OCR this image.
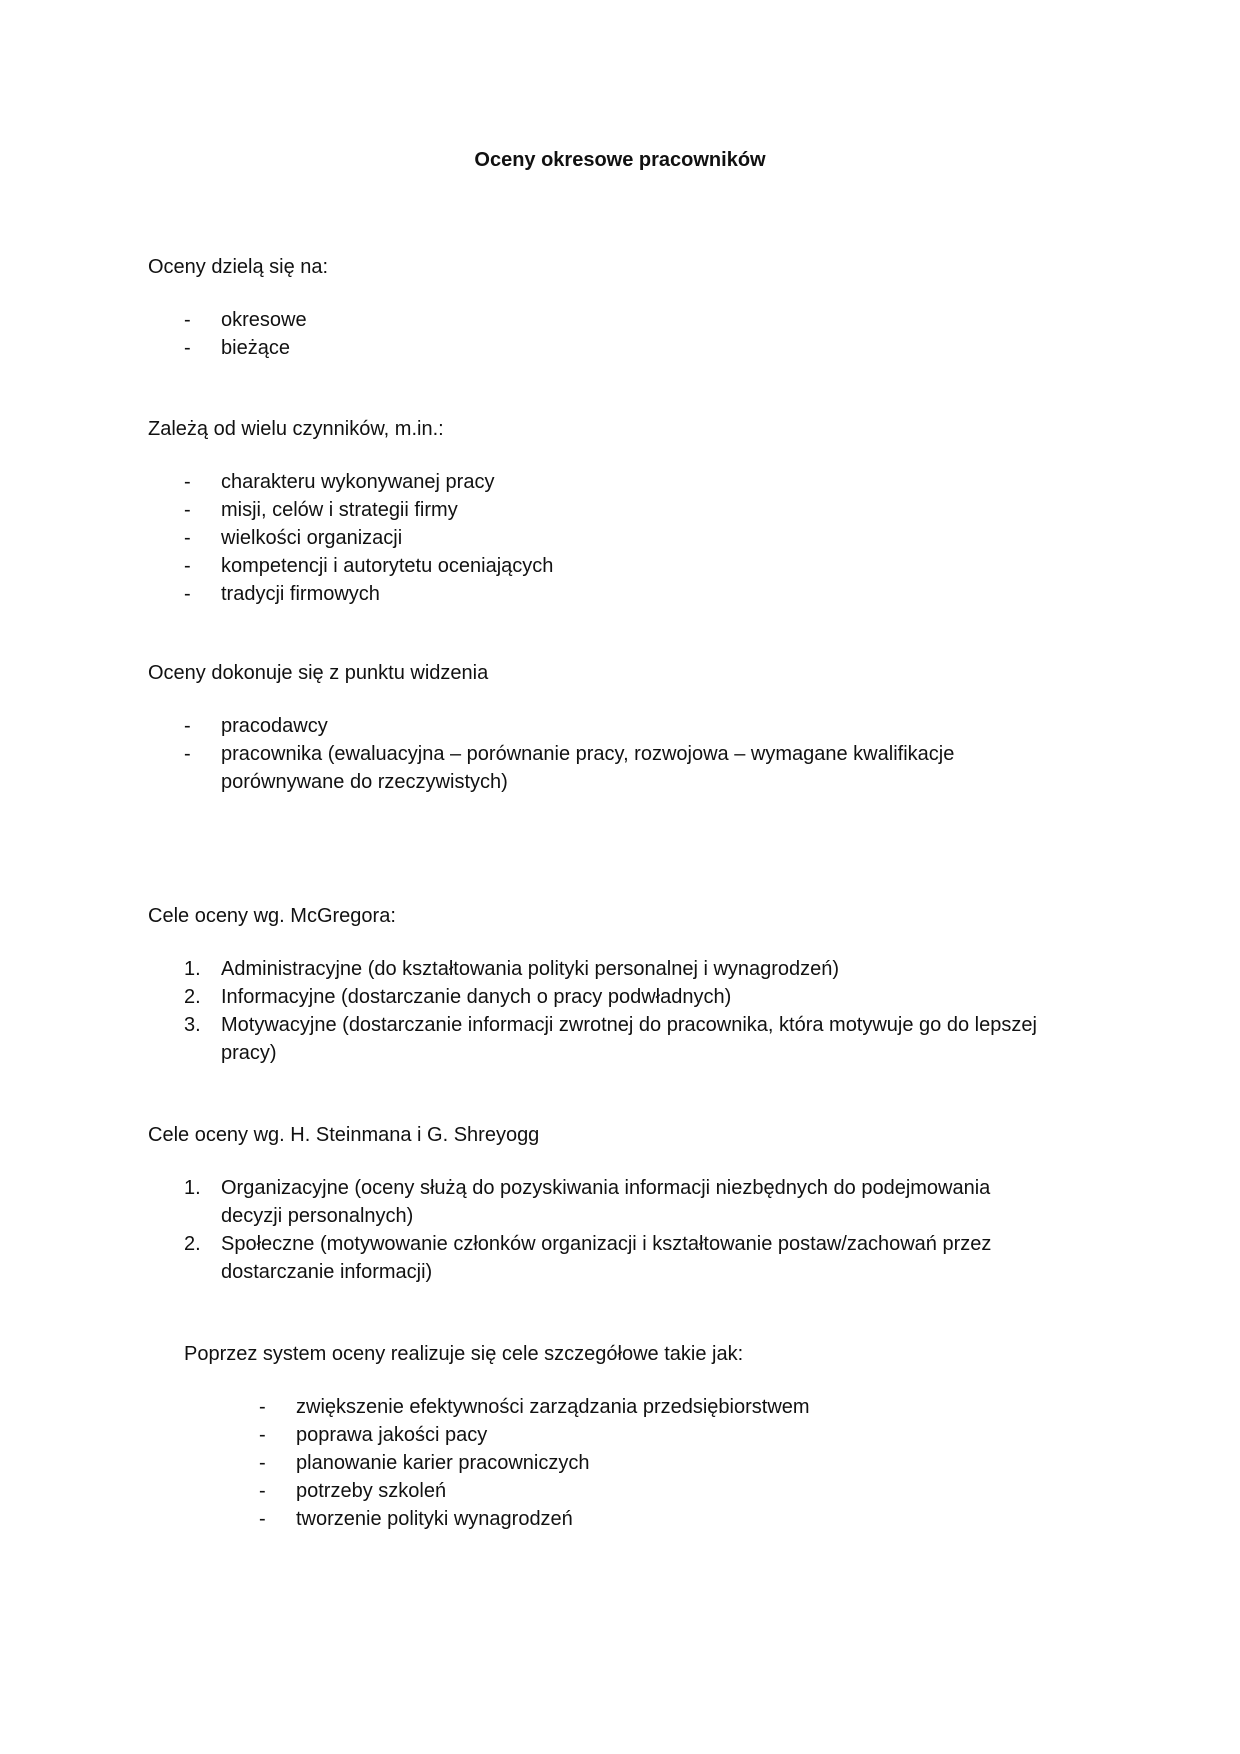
Oceny okresowe pracowników

Oceny dzielą się na:

- okresowe
- bieżące

Zależą od wielu czynników, m.in.:

- charakteru wykonywanej pracy
- misji, celów i strategii firmy
- wielkości organizacji
- kompetencji i autorytetu oceniających
- tradycji firmowych

Oceny dokonuje się z punktu widzenia

- pracodawcy
- pracownika (ewaluacyjna – porównanie pracy, rozwojowa – wymagane kwalifikacje porównywane do rzeczywistych)

Cele oceny wg. McGregora:

1. Administracyjne (do kształtowania polityki personalnej i wynagrodzeń)
2. Informacyjne (dostarczanie danych o pracy podwładnych)
3. Motywacyjne (dostarczanie informacji zwrotnej do pracownika, która motywuje go do lepszej pracy)

Cele oceny wg. H. Steinmana i G. Shreyogg

1. Organizacyjne (oceny służą do pozyskiwania informacji niezbędnych do podejmowania decyzji personalnych)
2. Społeczne (motywowanie członków organizacji i kształtowanie postaw/zachowań przez dostarczanie informacji)

Poprzez system oceny realizuje się cele szczegółowe takie jak:

- zwiększenie efektywności zarządzania przedsiębiorstwem
- poprawa jakości pacy
- planowanie karier pracowniczych
- potrzeby szkoleń
- tworzenie polityki wynagrodzeń
